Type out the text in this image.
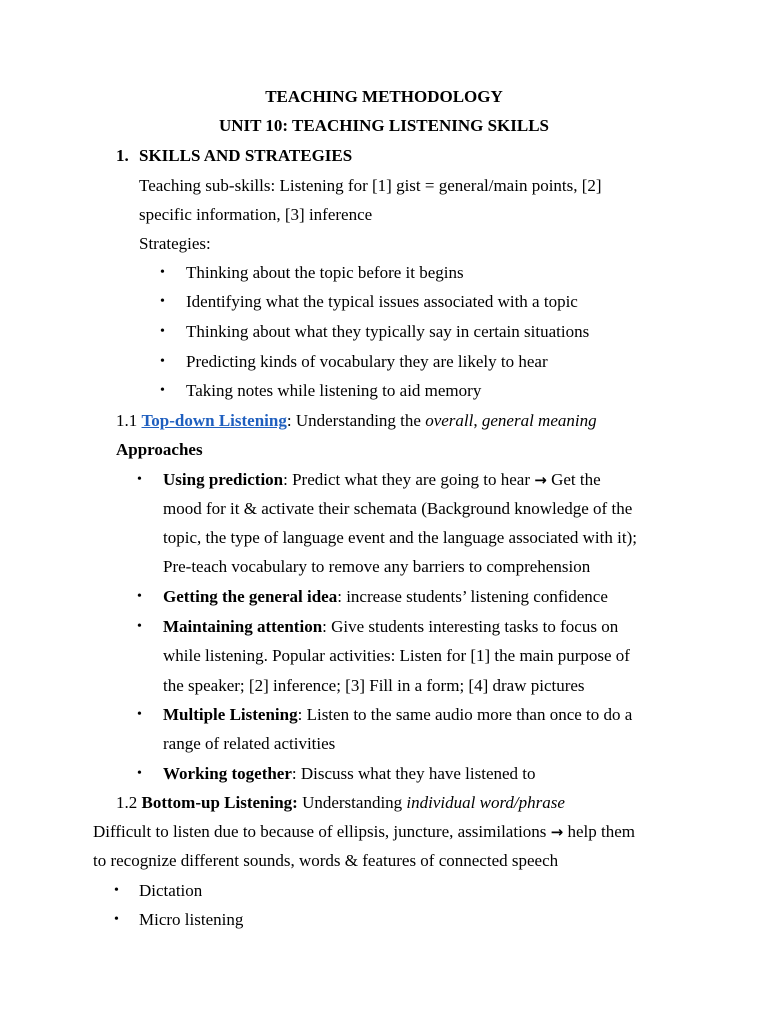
TEACHING METHODOLOGY
UNIT 10: TEACHING LISTENING SKILLS
1. SKILLS AND STRATEGIES
Teaching sub-skills: Listening for [1] gist = general/main points, [2]
specific information, [3] inference
Strategies:
• Thinking about the topic before it begins
• Identifying what the typical issues associated with a topic
• Thinking about what they typically say in certain situations
• Predicting kinds of vocabulary they are likely to hear
• Taking notes while listening to aid memory
1.1 Top-down Listening: Understanding the overall, general meaning
Approaches
• Using prediction: Predict what they are going to hear → Get the
mood for it & activate their schemata (Background knowledge of the
topic, the type of language event and the language associated with it);
Pre-teach vocabulary to remove any barriers to comprehension
• Getting the general idea: increase students’ listening confidence
• Maintaining attention: Give students interesting tasks to focus on
while listening. Popular activities: Listen for [1] the main purpose of
the speaker; [2] inference; [3] Fill in a form; [4] draw pictures
• Multiple Listening: Listen to the same audio more than once to do a
range of related activities
• Working together: Discuss what they have listened to
1.2 Bottom-up Listening: Understanding individual word/phrase
Difficult to listen due to because of ellipsis, juncture, assimilations → help them
to recognize different sounds, words & features of connected speech
• Dictation
• Micro listening
